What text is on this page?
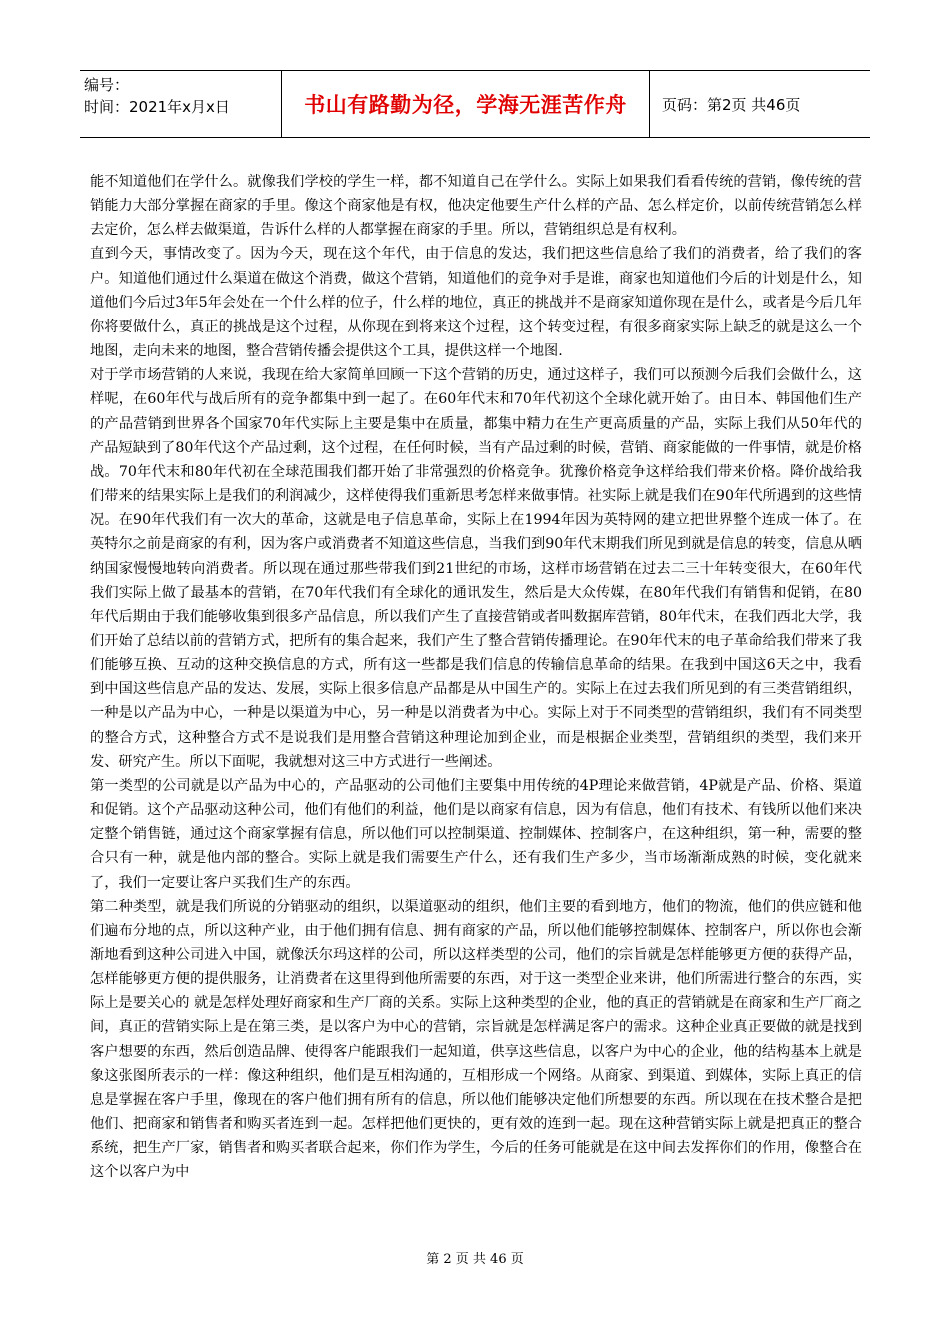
编号：
时间：2021年x月x日	书山有路勤为径，学海无涯苦作舟	页码：第2页 共46页

能不知道他们在学什么。就像我们学校的学生一样，都不知道自己在学什么。实际上如果我们看看传统的营销，像传统的营销能力大部分掌握在商家的手里。像这个商家他是有权，他决定他要生产什么样的产品、怎么样定价，以前传统营销怎么样去定价，怎么样去做渠道，告诉什么样的人都掌握在商家的手里。所以，营销组织总是有权利。

直到今天，事情改变了。因为今天，现在这个年代，由于信息的发达，我们把这些信息给了我们的消费者，给了我们的客户。知道他们通过什么渠道在做这个消费，做这个营销，知道他们的竞争对手是谁，商家也知道他们今后的计划是什么，知道他们今后过3年5年会处在一个什么样的位子，什么样的地位，真正的挑战并不是商家知道你现在是什么，或者是今后几年你将要做什么，真正的挑战是这个过程，从你现在到将来这个过程，这个转变过程，有很多商家实际上缺乏的就是这么一个地图，走向未来的地图，整合营销传播会提供这个工具，提供这样一个地图.

对于学市场营销的人来说，我现在给大家简单回顾一下这个营销的历史，通过这样子，我们可以预测今后我们会做什么，这样呢，在60年代与战后所有的竞争都集中到一起了。在60年代末和70年代初这个全球化就开始了。由日本、韩国他们生产的产品营销到世界各个国家70年代实际上主要是集中在质量，都集中精力在生产更高质量的产品，实际上我们从50年代的产品短缺到了80年代这个产品过剩，这个过程，在任何时候，当有产品过剩的时候，营销、商家能做的一件事情，就是价格战。70年代末和80年代初在全球范围我们都开始了非常强烈的价格竞争。犹豫价格竞争这样给我们带来价格。降价战给我们带来的结果实际上是我们的利润减少，这样使得我们重新思考怎样来做事情。社实际上就是我们在90年代所遇到的这些情况。在90年代我们有一次大的革命，这就是电子信息革命，实际上在1994年因为英特网的建立把世界整个连成一体了。在英特尔之前是商家的有利，因为客户或消费者不知道这些信息，当我们到90年代末期我们所见到就是信息的转变，信息从晒纳国家慢慢地转向消费者。所以现在通过那些带我们到21世纪的市场，这样市场营销在过去二三十年转变很大，在60年代我们实际上做了最基本的营销，在70年代我们有全球化的通讯发生，然后是大众传媒，在80年代我们有销售和促销，在80年代后期由于我们能够收集到很多产品信息，所以我们产生了直接营销或者叫数据库营销，80年代末，在我们西北大学，我们开始了总结以前的营销方式，把所有的集合起来，我们产生了整合营销传播理论。在90年代末的电子革命给我们带来了我们能够互换、互动的这种交换信息的方式，所有这一些都是我们信息的传输信息革命的结果。在我到中国这6天之中，我看到中国这些信息产品的发达、发展，实际上很多信息产品都是从中国生产的。实际上在过去我们所见到的有三类营销组织，一种是以产品为中心，一种是以渠道为中心，另一种是以消费者为中心。实际上对于不同类型的营销组织，我们有不同类型的整合方式，这种整合方式不是说我们是用整合营销这种理论加到企业，而是根据企业类型，营销组织的类型，我们来开发、研究产生。所以下面呢，我就想对这三中方式进行一些阐述。

第一类型的公司就是以产品为中心的，产品驱动的公司他们主要集中用传统的4P理论来做营销，4P就是产品、价格、渠道和促销。这个产品驱动这种公司，他们有他们的利益，他们是以商家有信息，因为有信息，他们有技术、有钱所以他们来决定整个销售链，通过这个商家掌握有信息，所以他们可以控制渠道、控制媒体、控制客户，在这种组织，第一种，需要的整合只有一种，就是他内部的整合。实际上就是我们需要生产什么，还有我们生产多少，当市场渐渐成熟的时候，变化就来了，我们一定要让客户买我们生产的东西。

第二种类型，就是我们所说的分销驱动的组织，以渠道驱动的组织，他们主要的看到地方，他们的物流，他们的供应链和他们遍布分地的点，所以这种产业，由于他们拥有信息、拥有商家的产品，所以他们能够控制媒体、控制客户，所以你也会渐渐地看到这种公司进入中国，就像沃尔玛这样的公司，所以这样类型的公司，他们的宗旨就是怎样能够更方便的获得产品，怎样能够更方便的提供服务，让消费者在这里得到他所需要的东西，对于这一类型企业来讲，他们所需进行整合的东西，实际上是要关心的 就是怎样处理好商家和生产厂商的关系。实际上这种类型的企业，他的真正的营销就是在商家和生产厂商之间，真正的营销实际上是在第三类，是以客户为中心的营销，宗旨就是怎样满足客户的需求。这种企业真正要做的就是找到客户想要的东西，然后创造品牌、使得客户能跟我们一起知道，供享这些信息，以客户为中心的企业，他的结构基本上就是象这张图所表示的一样：像这种组织，他们是互相沟通的，互相形成一个网络。从商家、到渠道、到媒体，实际上真正的信息是掌握在客户手里，像现在的客户他们拥有所有的信息，所以他们能够决定他们所想要的东西。所以现在在技术整合是把他们、把商家和销售者和购买者连到一起。怎样把他们更快的，更有效的连到一起。现在这种营销实际上就是把真正的整合系统，把生产厂家，销售者和购买者联合起来，你们作为学生，今后的任务可能就是在这中间去发挥你们的作用，像整合在这个以客户为中

第 2 页 共 46 页
